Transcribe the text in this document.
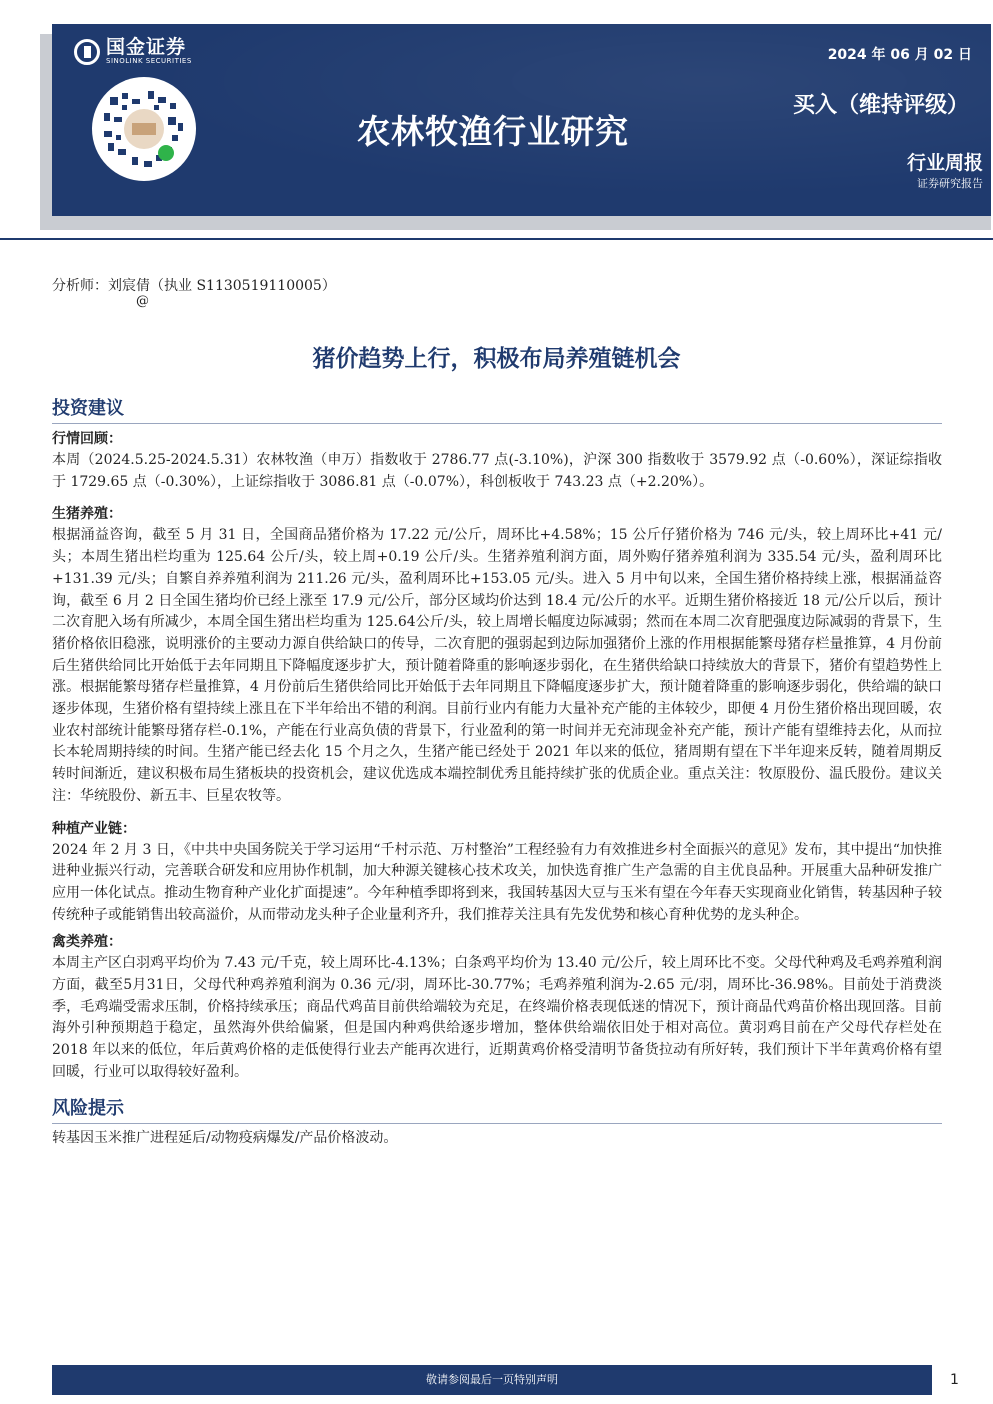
国金证券
SINOLINK SECURITIES
农林牧渔行业研究
2024 年 06 月 02 日
买入（维持评级）
行业周报
证券研究报告
分析师：刘宸倩（执业 S1130519110005）
@
猪价趋势上行，积极布局养殖链机会
投资建议
行情回顾：
本周（2024.5.25-2024.5.31）农林牧渔（申万）指数收于 2786.77 点(-3.10%)，沪深 300 指数收于 3579.92 点（-0.60%），深证综指收于 1729.65 点（-0.30%），上证综指收于 3086.81 点（-0.07%），科创板收于 743.23 点（+2.20%）。
生猪养殖：
根据涌益咨询，截至 5 月 31 日，全国商品猪价格为 17.22 元/公斤，周环比+4.58%；15 公斤仔猪价格为 746 元/头，较上周环比+41 元/头；本周生猪出栏均重为 125.64 公斤/头，较上周+0.19 公斤/头。生猪养殖利润方面，周外购仔猪养殖利润为 335.54 元/头，盈利周环比+131.39 元/头；自繁自养养殖利润为 211.26 元/头，盈利周环比+153.05 元/头。进入 5 月中旬以来，全国生猪价格持续上涨，根据涌益咨询，截至 6 月 2 日全国生猪均价已经上涨至 17.9 元/公斤，部分区域均价达到 18.4 元/公斤的水平。近期生猪价格接近 18 元/公斤以后，预计二次育肥入场有所减少，本周全国生猪出栏均重为 125.64公斤/头，较上周增长幅度边际减弱；然而在本周二次育肥强度边际减弱的背景下，生猪价格依旧稳涨，说明涨价的主要动力源自供给缺口的传导，二次育肥的强弱起到边际加强猪价上涨的作用根据能繁母猪存栏量推算，4 月份前后生猪供给同比开始低于去年同期且下降幅度逐步扩大，预计随着降重的影响逐步弱化，在生猪供给缺口持续放大的背景下，猪价有望趋势性上涨。根据能繁母猪存栏量推算，4 月份前后生猪供给同比开始低于去年同期且下降幅度逐步扩大，预计随着降重的影响逐步弱化，供给端的缺口逐步体现，生猪价格有望持续上涨且在下半年给出不错的利润。目前行业内有能力大量补充产能的主体较少，即便 4 月份生猪价格出现回暖，农业农村部统计能繁母猪存栏-0.1%，产能在行业高负债的背景下，行业盈利的第一时间并无充沛现金补充产能，预计产能有望维持去化，从而拉长本轮周期持续的时间。生猪产能已经去化 15 个月之久，生猪产能已经处于 2021 年以来的低位，猪周期有望在下半年迎来反转，随着周期反转时间渐近，建议积极布局生猪板块的投资机会，建议优选成本端控制优秀且能持续扩张的优质企业。重点关注：牧原股份、温氏股份。建议关注：华统股份、新五丰、巨星农牧等。
种植产业链：
2024 年 2 月 3 日，《中共中央国务院关于学习运用“千村示范、万村整治”工程经验有力有效推进乡村全面振兴的意见》发布，其中提出“加快推进种业振兴行动，完善联合研发和应用协作机制，加大种源关键核心技术攻关，加快选育推广生产急需的自主优良品种。开展重大品种研发推广应用一体化试点。推动生物育种产业化扩面提速”。今年种植季即将到来，我国转基因大豆与玉米有望在今年春天实现商业化销售，转基因种子较传统种子或能销售出较高溢价，从而带动龙头种子企业量利齐升，我们推荐关注具有先发优势和核心育种优势的龙头种企。
禽类养殖：
本周主产区白羽鸡平均价为 7.43 元/千克，较上周环比-4.13%；白条鸡平均价为 13.40 元/公斤，较上周环比不变。父母代种鸡及毛鸡养殖利润方面，截至5月31日，父母代种鸡养殖利润为 0.36 元/羽，周环比-30.77%；毛鸡养殖利润为-2.65 元/羽，周环比-36.98%。目前处于消费淡季，毛鸡端受需求压制，价格持续承压；商品代鸡苗目前供给端较为充足，在终端价格表现低迷的情况下，预计商品代鸡苗价格出现回落。目前海外引种预期趋于稳定，虽然海外供给偏紧，但是国内种鸡供给逐步增加，整体供给端依旧处于相对高位。黄羽鸡目前在产父母代存栏处在 2018 年以来的低位，年后黄鸡价格的走低使得行业去产能再次进行，近期黄鸡价格受清明节备货拉动有所好转，我们预计下半年黄鸡价格有望回暖，行业可以取得较好盈利。
风险提示
转基因玉米推广进程延后/动物疫病爆发/产品价格波动。
敬请参阅最后一页特别声明	1
